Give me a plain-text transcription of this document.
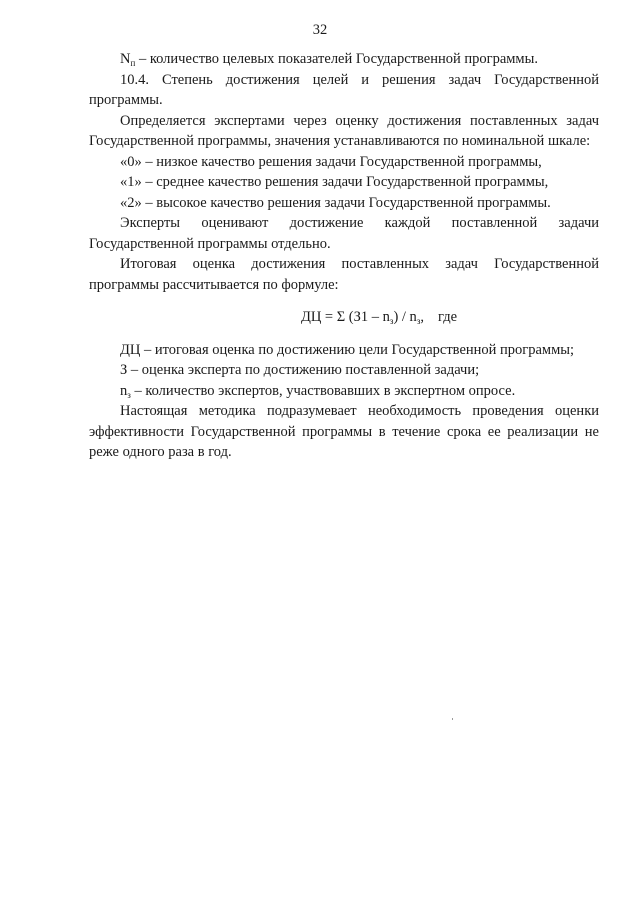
32

$N_п$ – количество целевых показателей Государственной программы.

10.4. Степень достижения целей и решения задач Государственной программы.

Определяется экспертами через оценку достижения поставленных задач Государственной программы, значения устанавливаются по номинальной шкале:

«0» – низкое качество решения задачи Государственной программы,

«1» – среднее качество решения задачи Государственной программы,

«2» – высокое качество решения задачи Государственной программы.

Эксперты оценивают достижение каждой поставленной задачи Государственной программы отдельно.

Итоговая оценка достижения поставленных задач Государственной программы рассчитывается по формуле:

ДЦ = Σ $(З1 - n_з) / n_з$, где

ДЦ – итоговая оценка по достижению цели Государственной программы;

З – оценка эксперта по достижению поставленной задачи;

$n_з$ – количество экспертов, участвовавших в экспертном опросе.

Настоящая методика подразумевает необходимость проведения оценки эффективности Государственной программы в течение срока ее реализации не реже одного раза в год.
